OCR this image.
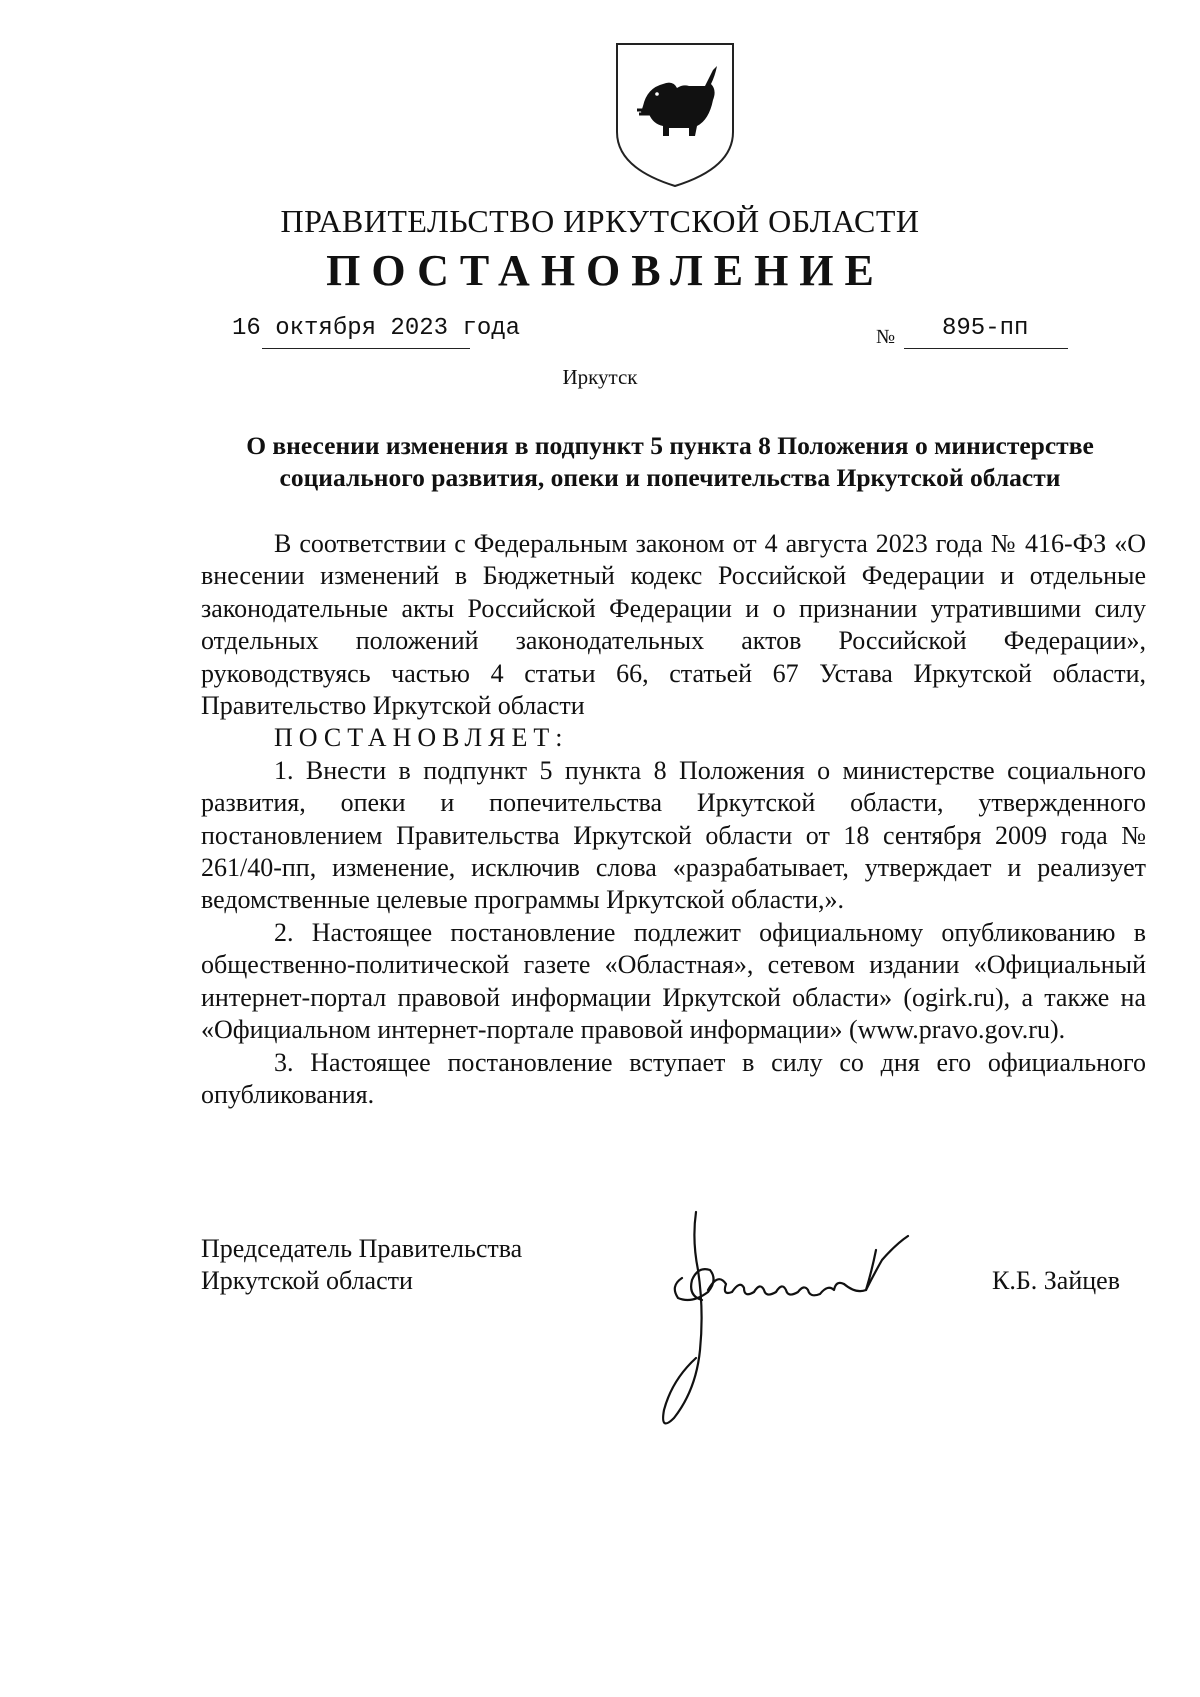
ПРАВИТЕЛЬСТВО ИРКУТСКОЙ ОБЛАСТИ
ПОСТАНОВЛЕНИЕ
16 октября 2023 года	№ 895-пп
Иркутск
О внесении изменения в подпункт 5 пункта 8 Положения о министерстве социального развития, опеки и попечительства Иркутской области

В соответствии с Федеральным законом от 4 августа 2023 года № 416-ФЗ «О внесении изменений в Бюджетный кодекс Российской Федерации и отдельные законодательные акты Российской Федерации и о признании утратившими силу отдельных положений законодательных актов Российской Федерации», руководствуясь частью 4 статьи 66, статьей 67 Устава Иркутской области, Правительство Иркутской области

ПОСТАНОВЛЯЕТ:

1. Внести в подпункт 5 пункта 8 Положения о министерстве социального развития, опеки и попечительства Иркутской области, утвержденного постановлением Правительства Иркутской области от 18 сентября 2009 года № 261/40-пп, изменение, исключив слова «разрабатывает, утверждает и реализует ведомственные целевые программы Иркутской области,».

2. Настоящее постановление подлежит официальному опубликованию в общественно-политической газете «Областная», сетевом издании «Официальный интернет-портал правовой информации Иркутской области» (ogirk.ru), а также на «Официальном интернет-портале правовой информации» (www.pravo.gov.ru).

3. Настоящее постановление вступает в силу со дня его официального опубликования.

Председатель Правительства
Иркутской области	К.Б. Зайцев
